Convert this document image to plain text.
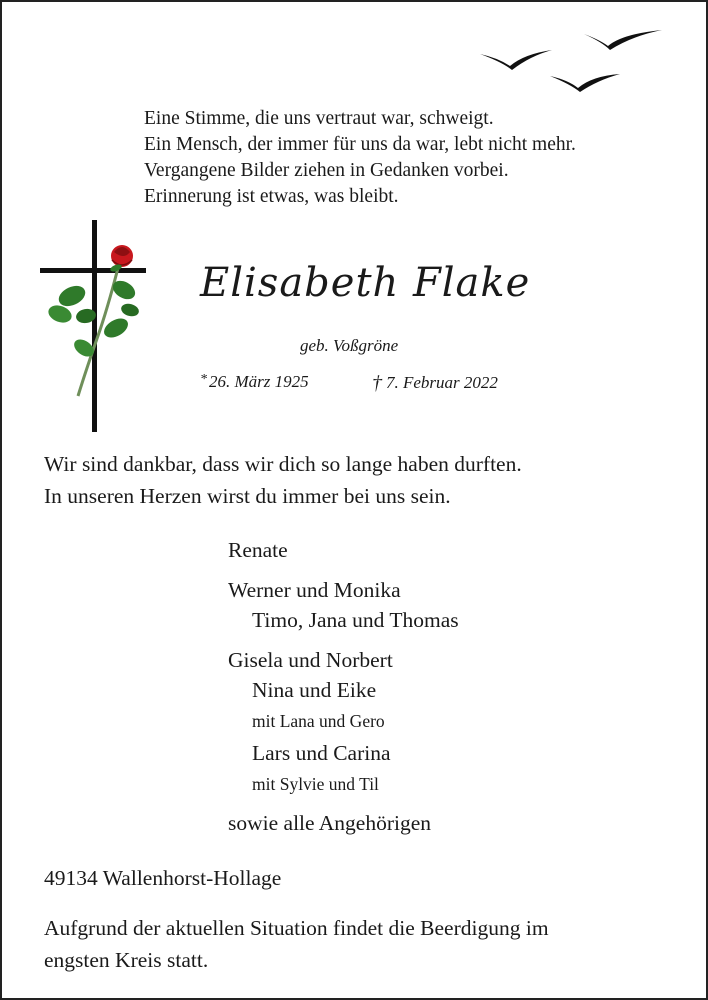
Eine Stimme, die uns vertraut war, schweigt.
Ein Mensch, der immer für uns da war, lebt nicht mehr.
Vergangene Bilder ziehen in Gedanken vorbei.
Erinnerung ist etwas, was bleibt.
Elisabeth Flake
geb. Voßgröne
* 26. März 1925	† 7. Februar 2022
Wir sind dankbar, dass wir dich so lange haben durften.
In unseren Herzen wirst du immer bei uns sein.
Renate
Werner und Monika
Timo, Jana und Thomas
Gisela und Norbert
Nina und Eike
mit Lana und Gero
Lars und Carina
mit Sylvie und Til
sowie alle Angehörigen
49134 Wallenhorst-Hollage
Aufgrund der aktuellen Situation findet die Beerdigung im
engsten Kreis statt.
